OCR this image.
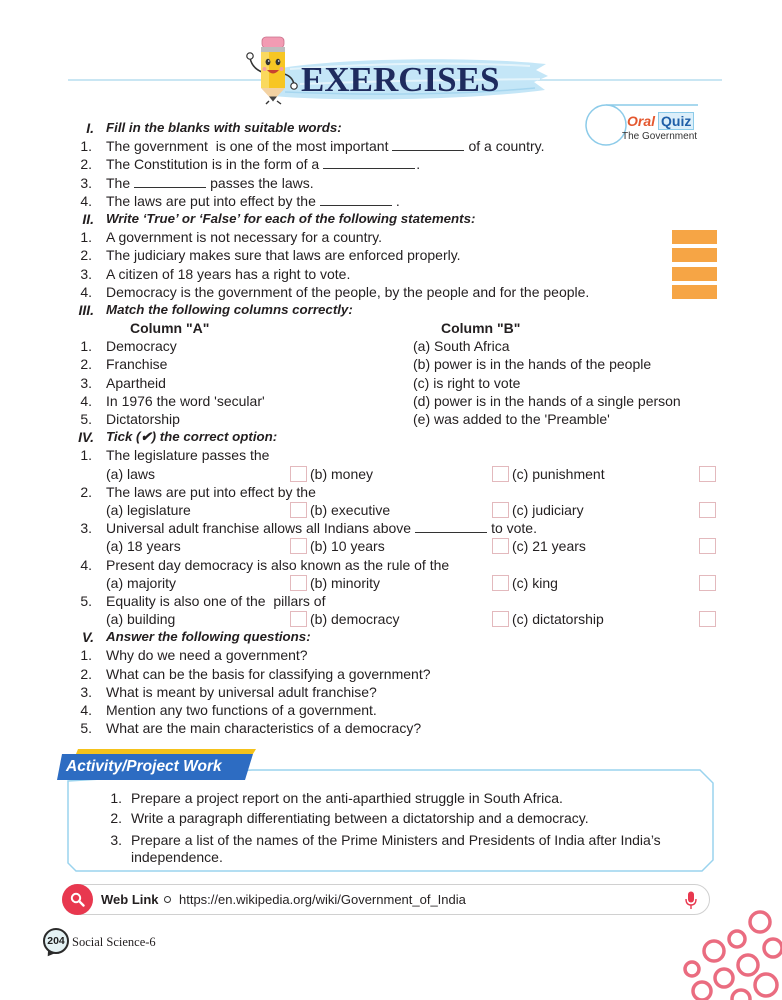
EXERCISES
Oral Quiz
The Government
I. Fill in the blanks with suitable words:
1. The government  is one of the most important	of a country.
2. The Constitution is in the form of a	.
3. The	passes the laws.
4. The laws are put into effect by the	.
II. Write ‘True’ or ‘False’ for each of the following statements:
1. A government is not necessary for a country.
2. The judiciary makes sure that laws are enforced properly.
3. A citizen of 18 years has a right to vote.
4. Democracy is the government of the people, by the people and for the people.
III. Match the following columns correctly:
Column "A"	Column "B"
1. Democracy	(a) South Africa
2. Franchise	(b) power is in the hands of the people
3. Apartheid	(c) is right to vote
4. In 1976 the word 'secular'	(d) power is in the hands of a single person
5. Dictatorship	(e) was added to the 'Preamble'
IV. Tick (✔) the correct option:
1. The legislature passes the
(a) laws	(b) money	(c) punishment
2. The laws are put into effect by the
(a) legislature	(b) executive	(c) judiciary
3. Universal adult franchise allows all Indians above	to vote.
(a) 18 years	(b) 10 years	(c) 21 years
4. Present day democracy is also known as the rule of the
(a) majority	(b) minority	(c) king
5. Equality is also one of the  pillars of
(a) building	(b) democracy	(c) dictatorship
V. Answer the following questions:
1. Why do we need a government?
2. What can be the basis for classifying a government?
3. What is meant by universal adult franchise?
4. Mention any two functions of a government.
5. What are the main characteristics of a democracy?
Activity/Project Work
1. Prepare a project report on the anti-aparthied struggle in South Africa.
2. Write a paragraph differentiating between a dictatorship and a democracy.
3. Prepare a list of the names of the Prime Ministers and Presidents of India after India’s independence.
Web Link https://en.wikipedia.org/wiki/Government_of_India
204 Social Science-6
